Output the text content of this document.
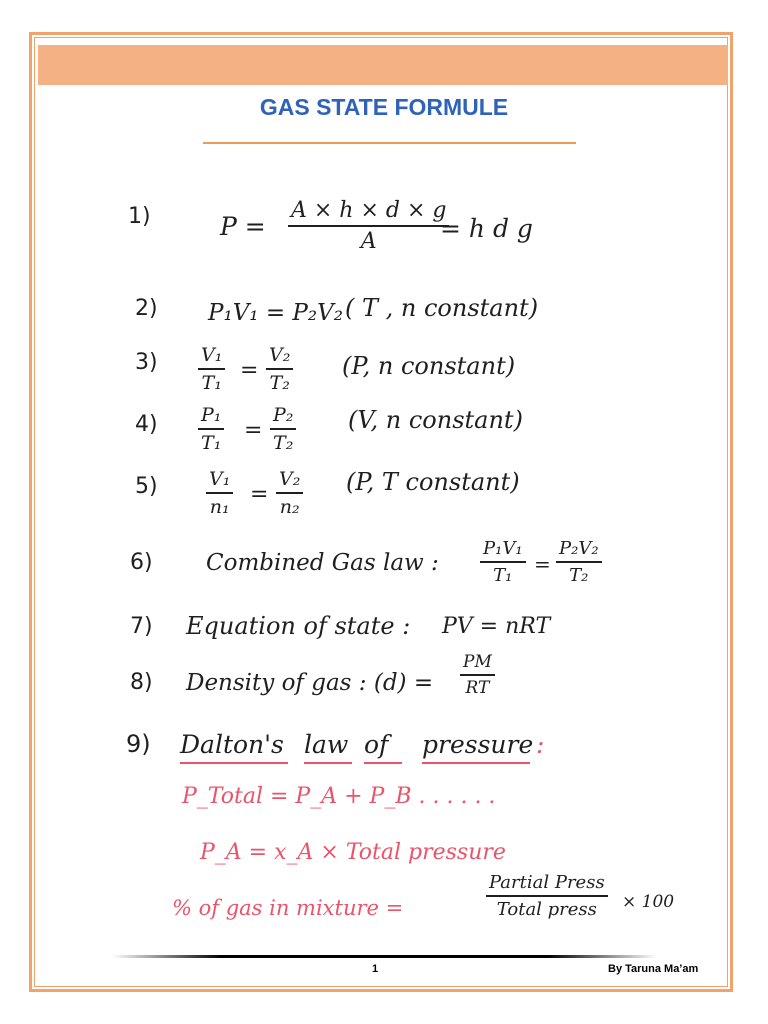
GAS STATE FORMULE
1)	P =
A × h × d × g
A	= h d g
2) P₁V₁ = P₂V₂ ( T , n constant)
3) V₁
T₁ =
V₂
T₂
(P, n constant)
4) P₁
T₁ =
P₂
T₂
(V, n constant)
5)	V₁
n₁ =
V₂
n₂
(P, T constant)
6) Combined Gas law :
P₁V₁
T₁	=
P₂V₂
T₂
7) Equation of state : PV = nRT
8) Density of gas : (d) =
PM
RT
9) Dalton's law of pressure :
P_Total = P_A + P_B . . . . . .
P_A = x_A × Total pressure
% of gas in mixture =
Partial Press
Total press	× 100
1	By Taruna Ma’am
